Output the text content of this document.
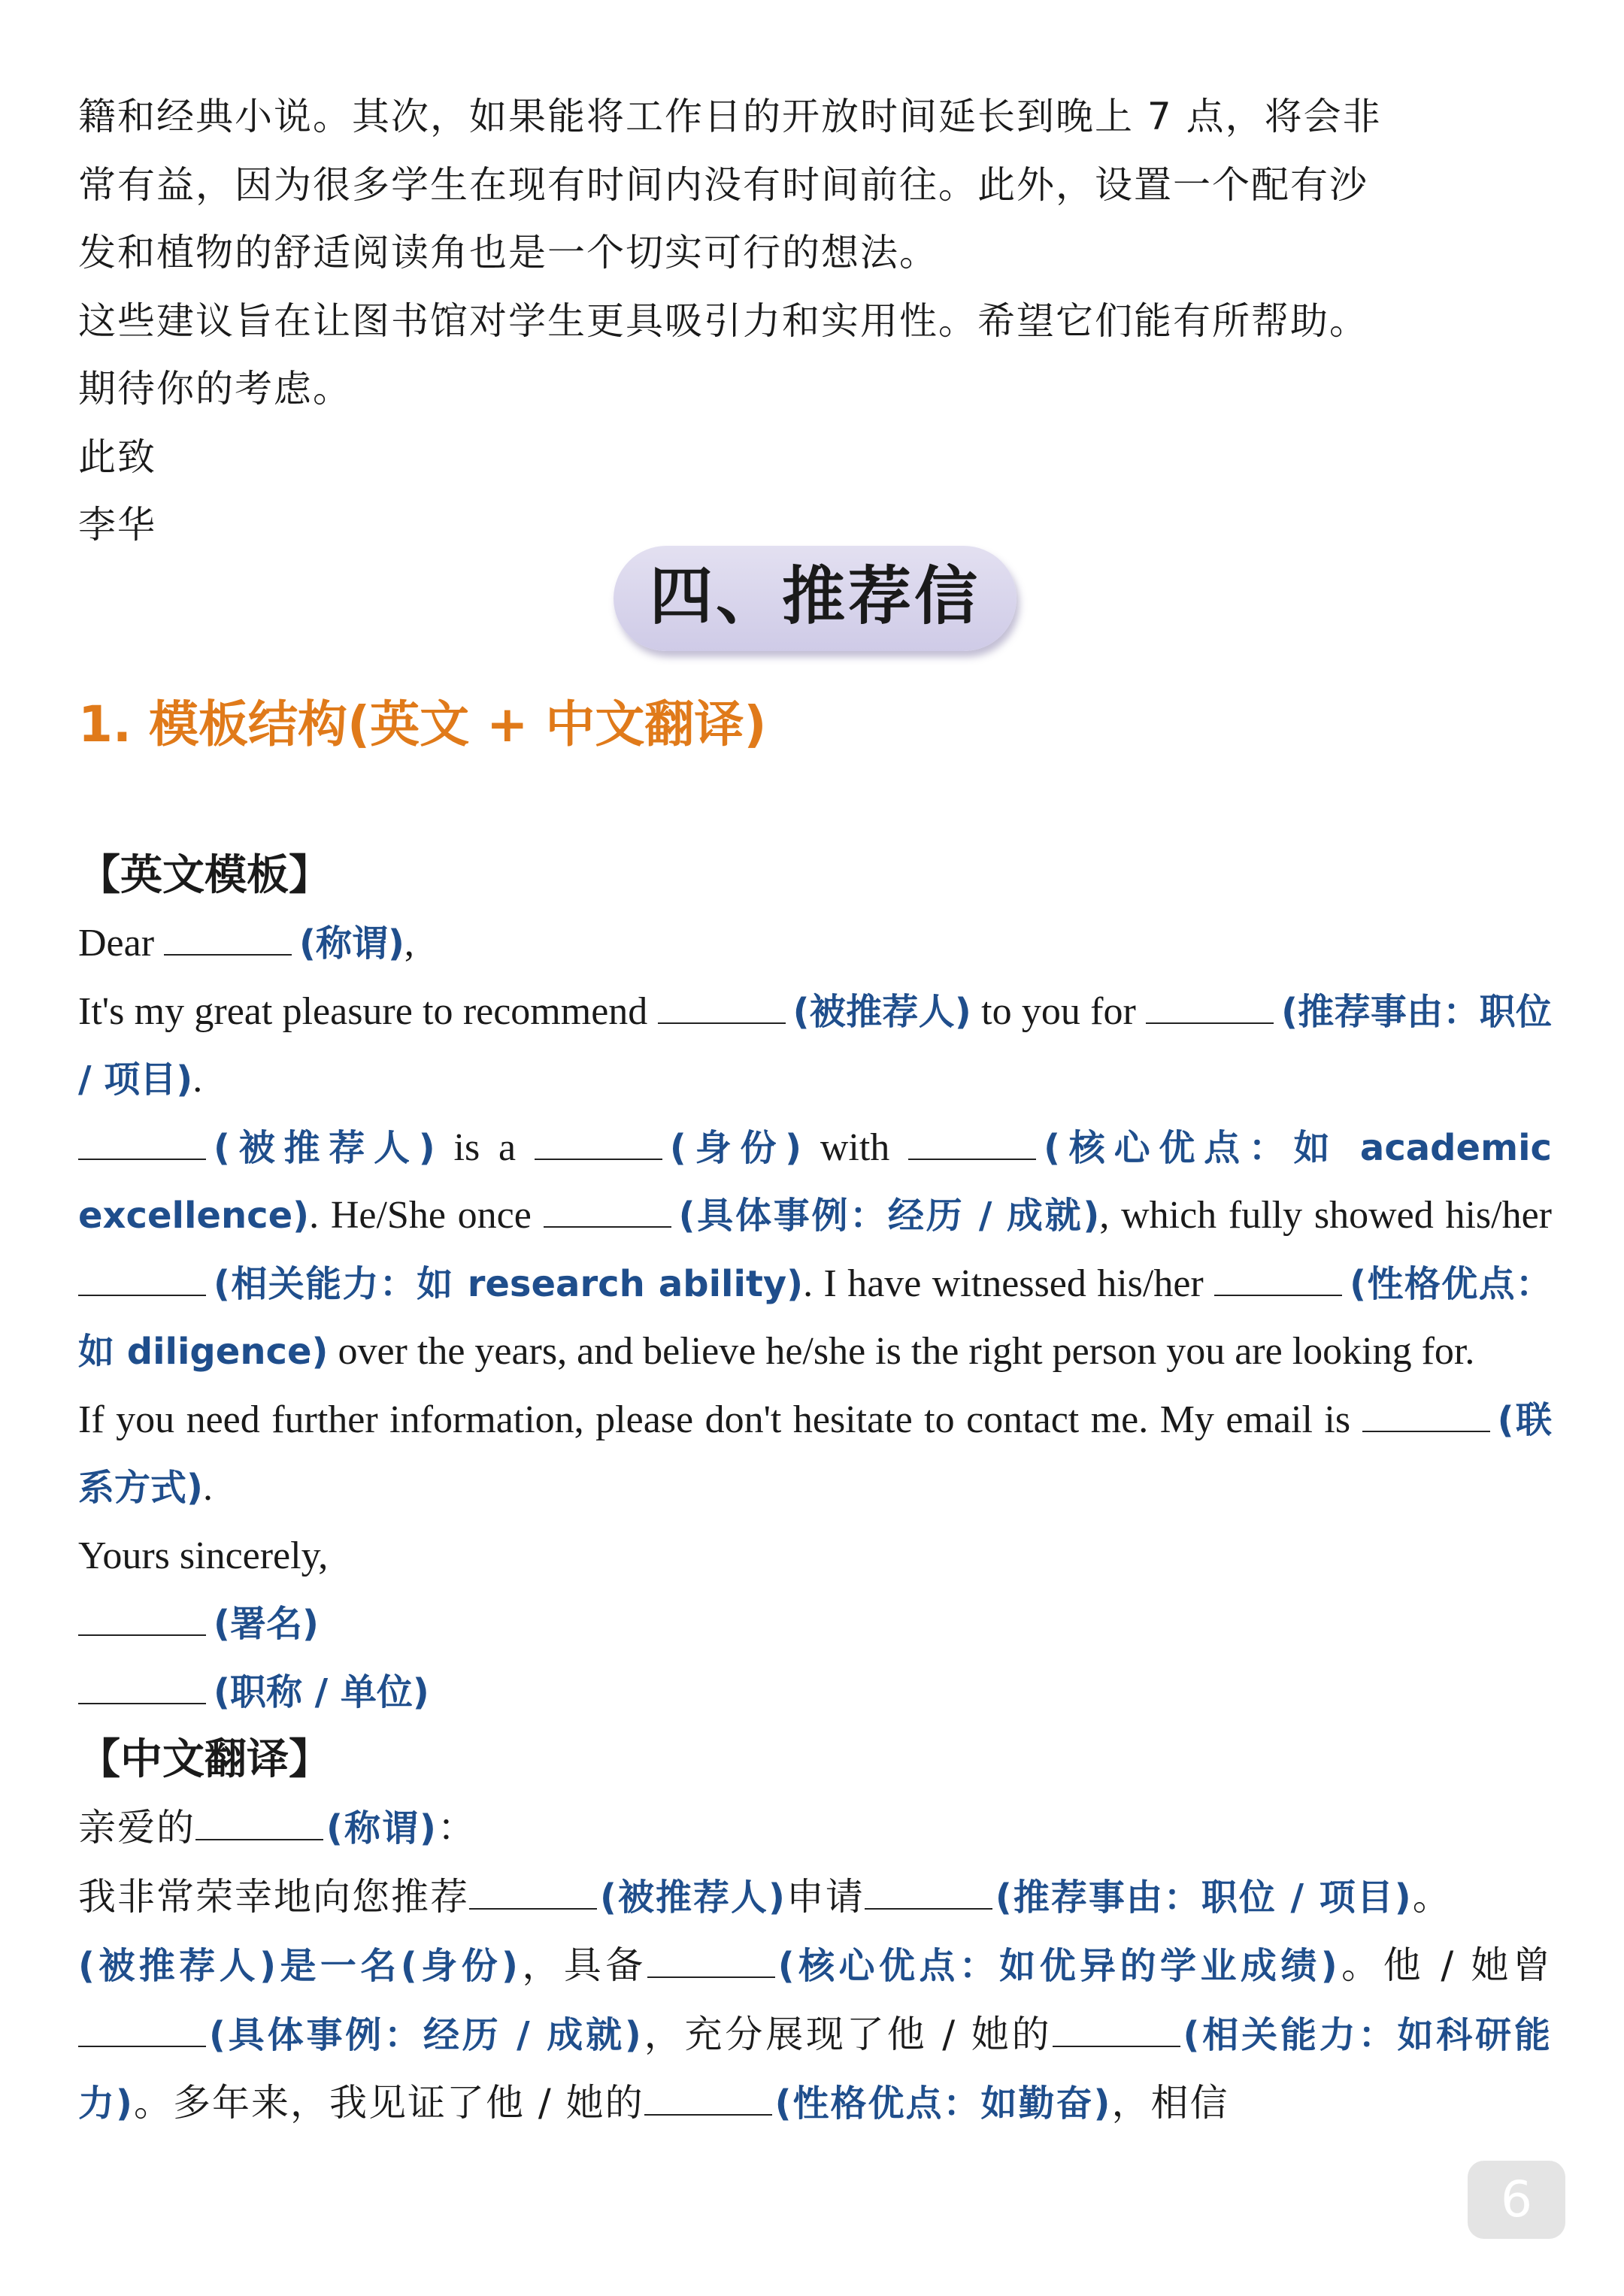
籍和经典小说。其次，如果能将工作日的开放时间延长到晚上 7 点，将会非

常有益，因为很多学生在现有时间内没有时间前往。此外，设置一个配有沙

发和植物的舒适阅读角也是一个切实可行的想法。

这些建议旨在让图书馆对学生更具吸引力和实用性。希望它们能有所帮助。

期待你的考虑。

此致

李华

四、推荐信

1. 模板结构(英文 + 中文翻译)

【英文模板】

Dear	(称谓),

It's my great pleasure to recommend	(被推荐人) to you for	(推荐事由：职位 / 项目).

(被推荐人) is a	(身份) with	(核心优点：如 academic excellence). He/She once	(具体事例：经历 / 成就), which fully showed his/her (相关能力：如 research ability). I have witnessed his/her	(性格优点：如 diligence) over the years, and believe he/she is the right person you are looking for.

If you need further information, please don't hesitate to contact me. My email is	(联系方式).

Yours sincerely,

(署名)

(职称 / 单位)

【中文翻译】

亲爱的	(称谓)：

我非常荣幸地向您推荐	(被推荐人)申请	(推荐事由：职位 / 项目)。

(被推荐人)是一名(身份)，具备	(核心优点：如优异的学业成绩)。他 / 她曾(具体事例：经历 / 成就)，充分展现了他 / 她的	(相关能力：如科研能力)。多年来，我见证了他 / 她的	(性格优点：如勤奋)，相信

6
